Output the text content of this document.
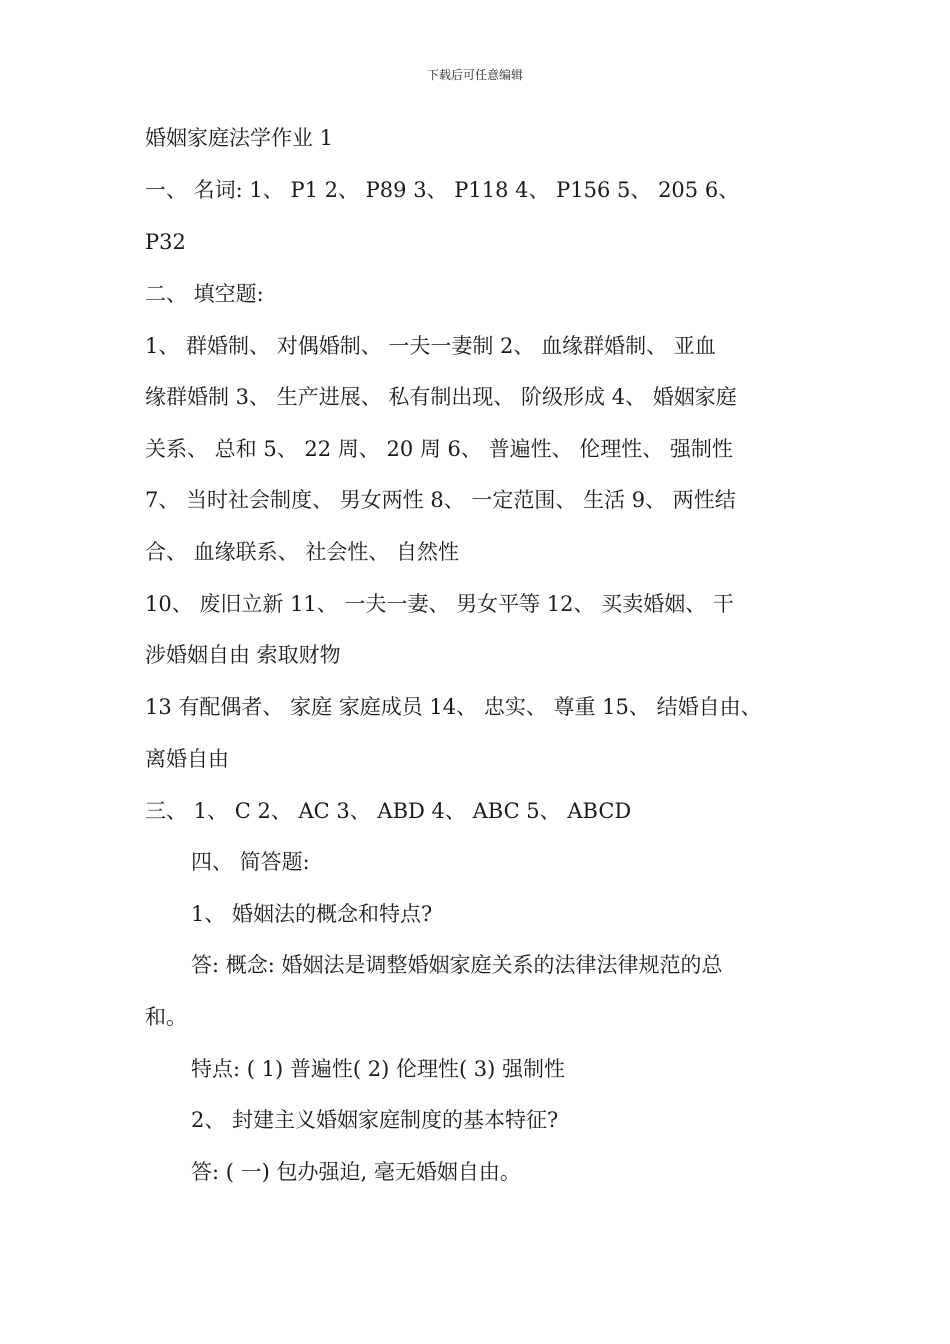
下载后可任意编辑
婚姻家庭法学作业 1
一、 名词: 1、 P1 2、 P89 3、 P118 4、 P156 5、 205 6、
P32
二、 填空题:
1、 群婚制、 对偶婚制、 一夫一妻制 2、 血缘群婚制、 亚血
缘群婚制 3、 生产进展、 私有制出现、 阶级形成 4、 婚姻家庭
关系、 总和 5、 22 周、 20 周 6、 普遍性、 伦理性、 强制性
7、 当时社会制度、 男女两性 8、 一定范围、 生活 9、 两性结
合、 血缘联系、 社会性、 自然性
10、 废旧立新 11、 一夫一妻、 男女平等 12、 买卖婚姻、 干
涉婚姻自由 索取财物
13 有配偶者、 家庭 家庭成员 14、 忠实、 尊重 15、 结婚自由、
离婚自由
三、 1、 C 2、 AC 3、 ABD 4、 ABC 5、 ABCD
四、 简答题:
1、 婚姻法的概念和特点?
答: 概念: 婚姻法是调整婚姻家庭关系的法律法律规范的总
和。
特点: ( 1) 普遍性( 2) 伦理性( 3) 强制性
2、 封建主义婚姻家庭制度的基本特征?
答: ( 一) 包办强迫, 毫无婚姻自由。
